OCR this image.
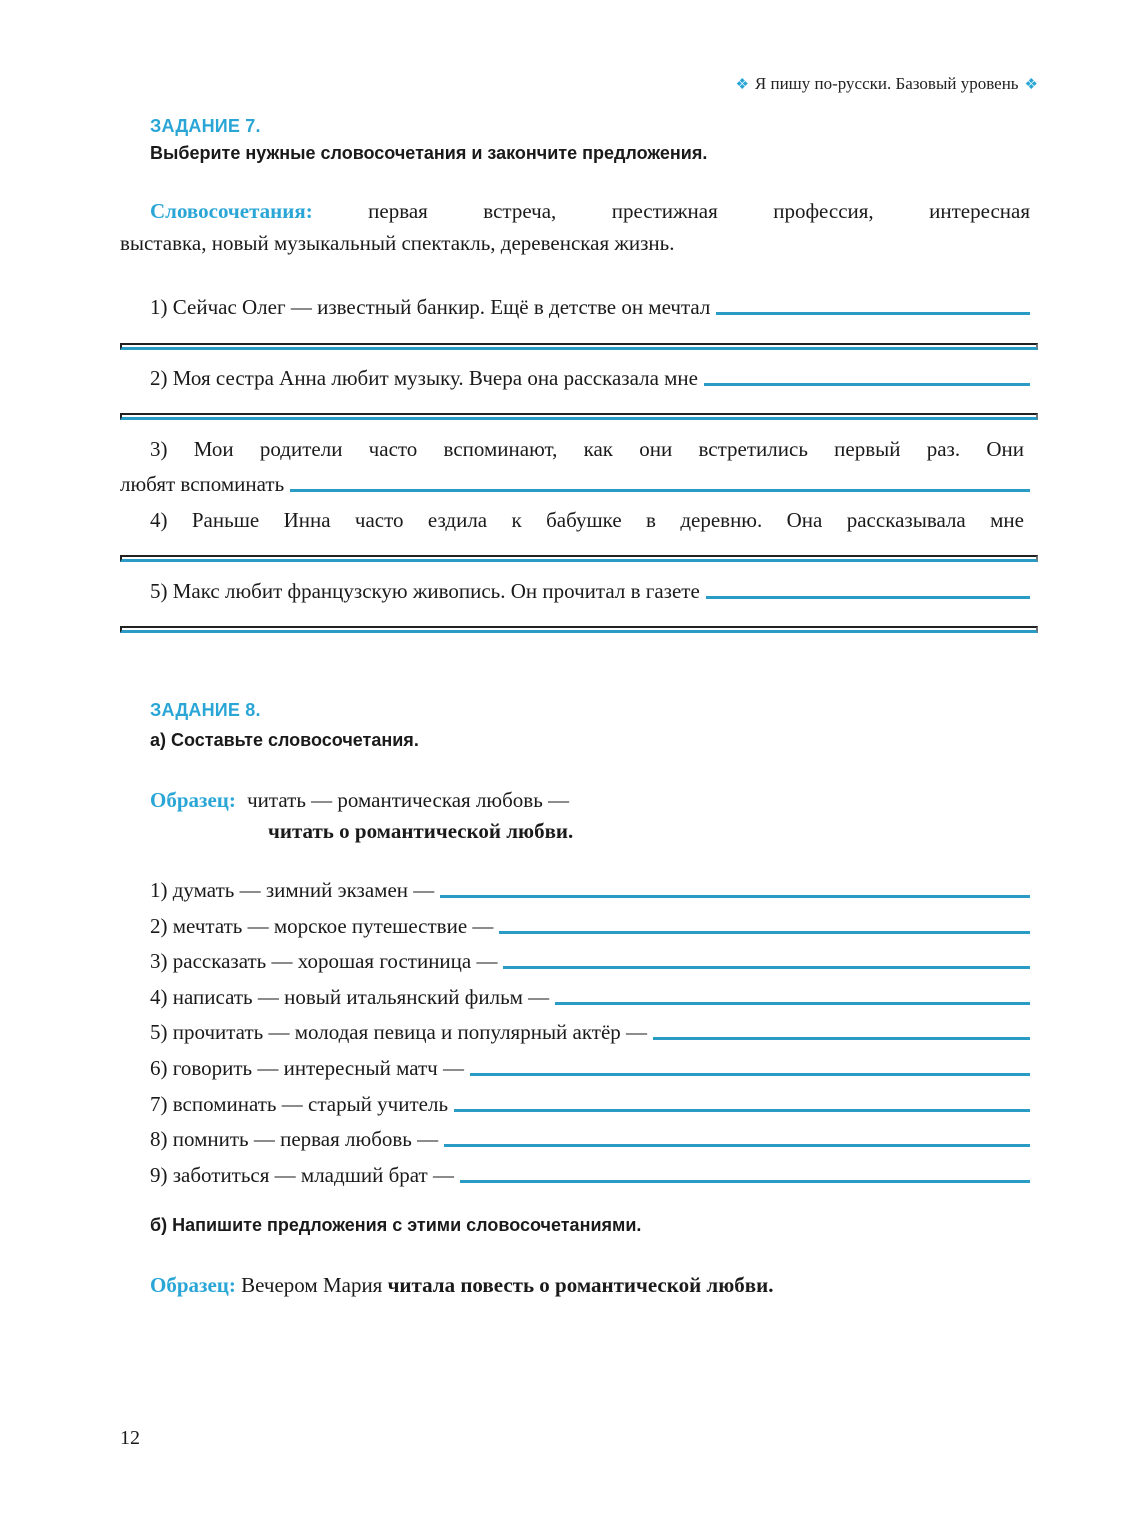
❖ Я пишу по-русски. Базовый уровень ❖
ЗАДАНИЕ 7.
Выберите нужные словосочетания и закончите предложения.
Словосочетания:	первая встреча, престижная профессия, интересная
выставка, новый музыкальный спектакль, деревенская жизнь.
1) Сейчас Олег — известный банкир. Ещё в детстве он мечтал
2) Моя сестра Анна любит музыку. Вчера она рассказала мне
3) Мои родители часто вспоминают, как они встретились первый раз. Они
любят вспоминать
4) Раньше Инна часто ездила к бабушке в деревню. Она рассказывала мне
5) Макс любит французскую живопись. Он прочитал в газете
ЗАДАНИЕ 8.
а) Составьте словосочетания.
Образец: читать — романтическая любовь —
читать о романтической любви.
1) думать — зимний экзамен —
2) мечтать — морское путешествие —
3) рассказать — хорошая гостиница —
4) написать — новый итальянский фильм —
5) прочитать — молодая певица и популярный актёр —
6) говорить — интересный матч —
7) вспоминать — старый учитель
8) помнить — первая любовь —
9) заботиться — младший брат —
б) Напишите предложения с этими словосочетаниями.
Образец: Вечером Мария читала повесть о романтической любви.
12
